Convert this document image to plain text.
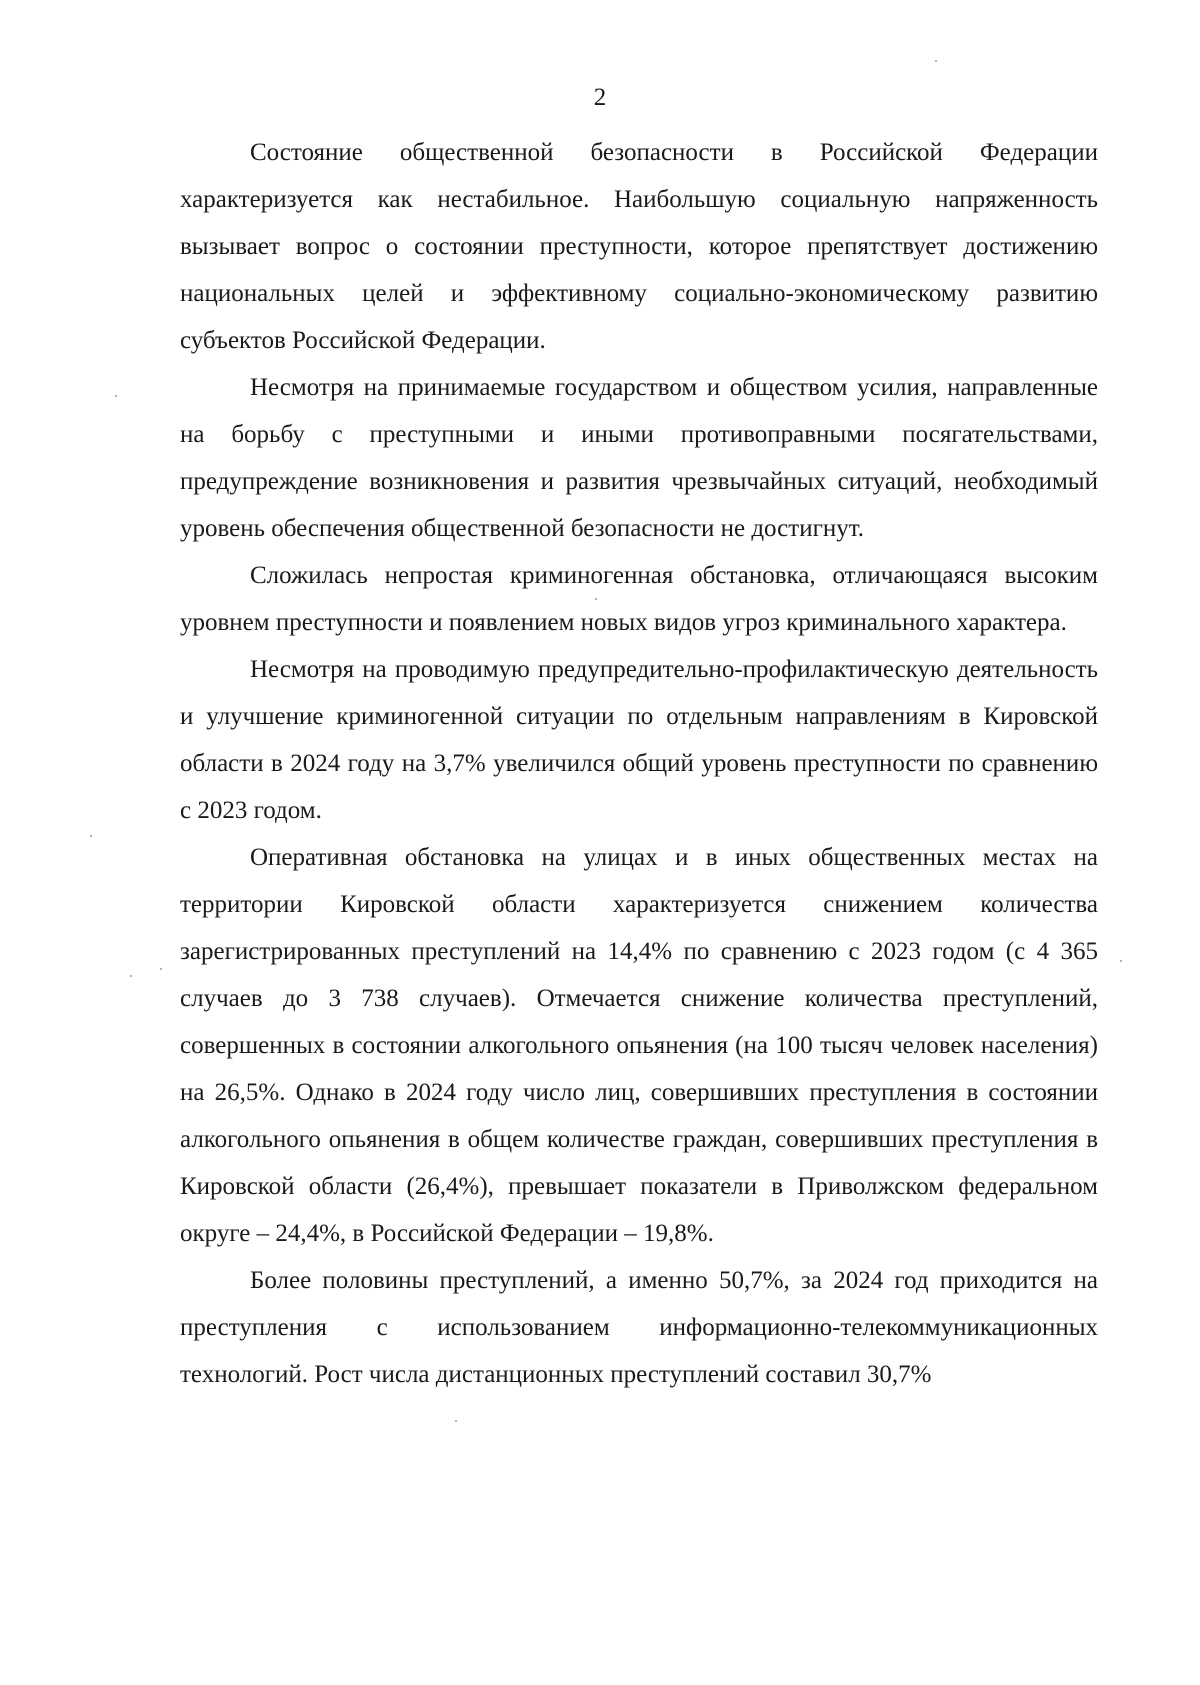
2

Состояние общественной безопасности в Российской Федерации характеризуется как нестабильное. Наибольшую социальную напряженность вызывает вопрос о состоянии преступности, которое препятствует достижению национальных целей и эффективному социально-экономическому развитию субъектов Российской Федерации.

Несмотря на принимаемые государством и обществом усилия, направленные на борьбу с преступными и иными противоправными посягательствами, предупреждение возникновения и развития чрезвычайных ситуаций, необходимый уровень обеспечения общественной безопасности не достигнут.

Сложилась непростая криминогенная обстановка, отличающаяся высоким уровнем преступности и появлением новых видов угроз криминального характера.

Несмотря на проводимую предупредительно-профилактическую деятельность и улучшение криминогенной ситуации по отдельным направлениям в Кировской области в 2024 году на 3,7% увеличился общий уровень преступности по сравнению с 2023 годом.

Оперативная обстановка на улицах и в иных общественных местах на территории Кировской области характеризуется снижением количества зарегистрированных преступлений на 14,4% по сравнению с 2023 годом (с 4 365 случаев до 3 738 случаев). Отмечается снижение количества преступлений, совершенных в состоянии алкогольного опьянения (на 100 тысяч человек населения) на 26,5%. Однако в 2024 году число лиц, совершивших преступления в состоянии алкогольного опьянения в общем количестве граждан, совершивших преступления в Кировской области (26,4%), превышает показатели в Приволжском федеральном округе – 24,4%, в Российской Федерации – 19,8%.

Более половины преступлений, а именно 50,7%, за 2024 год приходится на преступления с использованием информационно-телекоммуникационных технологий. Рост числа дистанционных преступлений составил 30,7%
